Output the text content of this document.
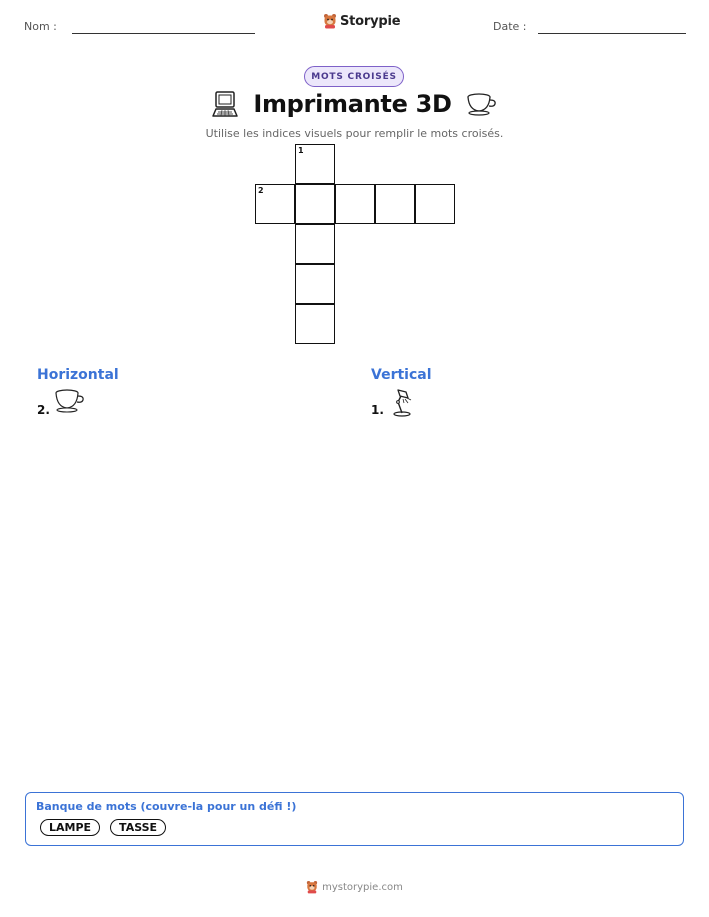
Nom :	Storypie	Date :
MOTS CROISÉS
Imprimante 3D
Utilise les indices visuels pour remplir le mots croisés.
1
2
Horizontal	Vertical
2.	1.
Banque de mots (couvre-la pour un défi !)
LAMPE	TASSE
mystorypie.com
